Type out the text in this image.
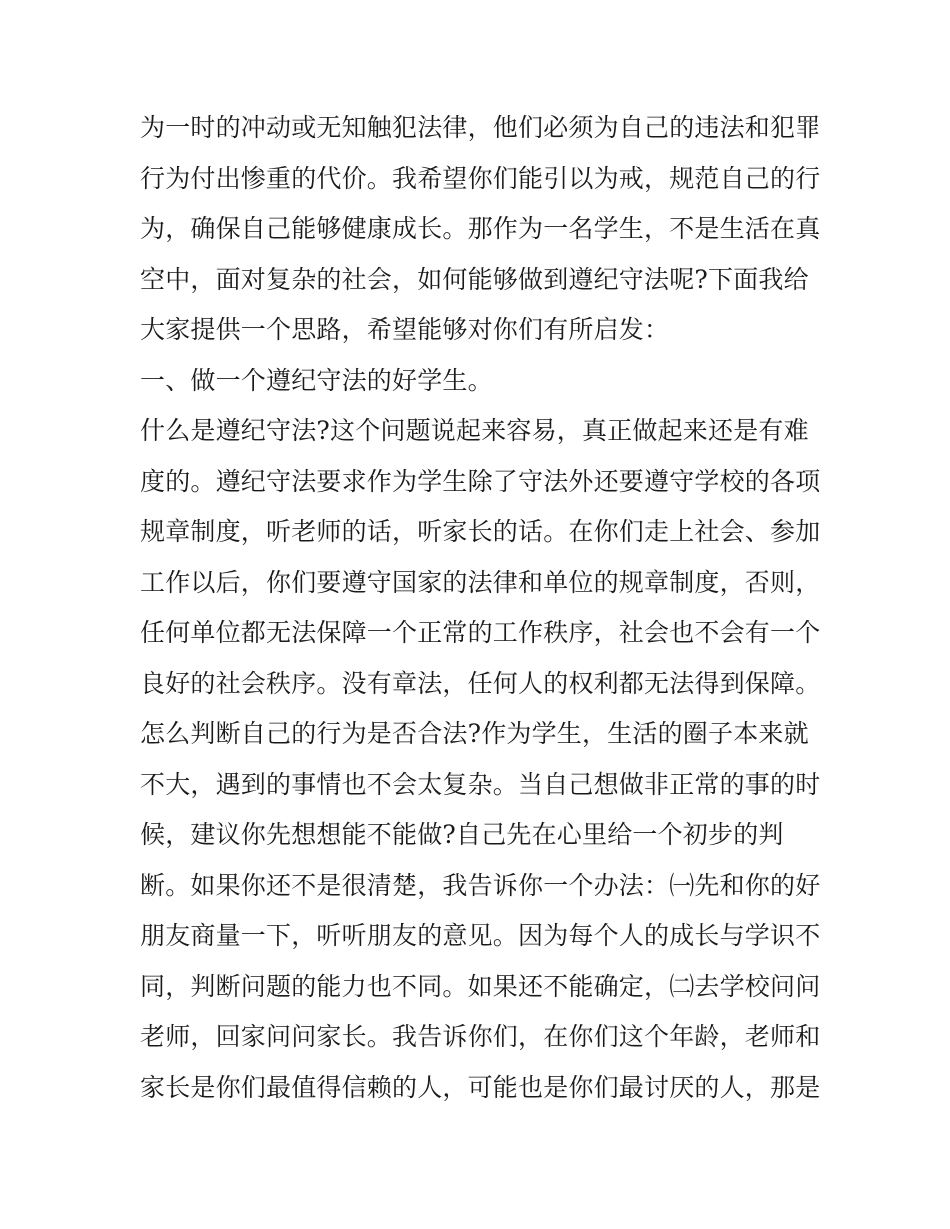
为一时的冲动或无知触犯法律，他们必须为自己的违法和犯罪
行为付出惨重的代价。我希望你们能引以为戒，规范自己的行
为，确保自己能够健康成长。那作为一名学生，不是生活在真
空中，面对复杂的社会，如何能够做到遵纪守法呢?下面我给
大家提供一个思路，希望能够对你们有所启发：
一、做一个遵纪守法的好学生。
什么是遵纪守法?这个问题说起来容易，真正做起来还是有难
度的。遵纪守法要求作为学生除了守法外还要遵守学校的各项
规章制度，听老师的话，听家长的话。在你们走上社会、参加
工作以后，你们要遵守国家的法律和单位的规章制度，否则，
任何单位都无法保障一个正常的工作秩序，社会也不会有一个
良好的社会秩序。没有章法，任何人的权利都无法得到保障。
怎么判断自己的行为是否合法?作为学生，生活的圈子本来就
不大，遇到的事情也不会太复杂。当自己想做非正常的事的时
候，建议你先想想能不能做?自己先在心里给一个初步的判
断。如果你还不是很清楚，我告诉你一个办法：㈠先和你的好
朋友商量一下，听听朋友的意见。因为每个人的成长与学识不
同，判断问题的能力也不同。如果还不能确定，㈡去学校问问
老师，回家问问家长。我告诉你们，在你们这个年龄，老师和
家长是你们最值得信赖的人，可能也是你们最讨厌的人，那是
